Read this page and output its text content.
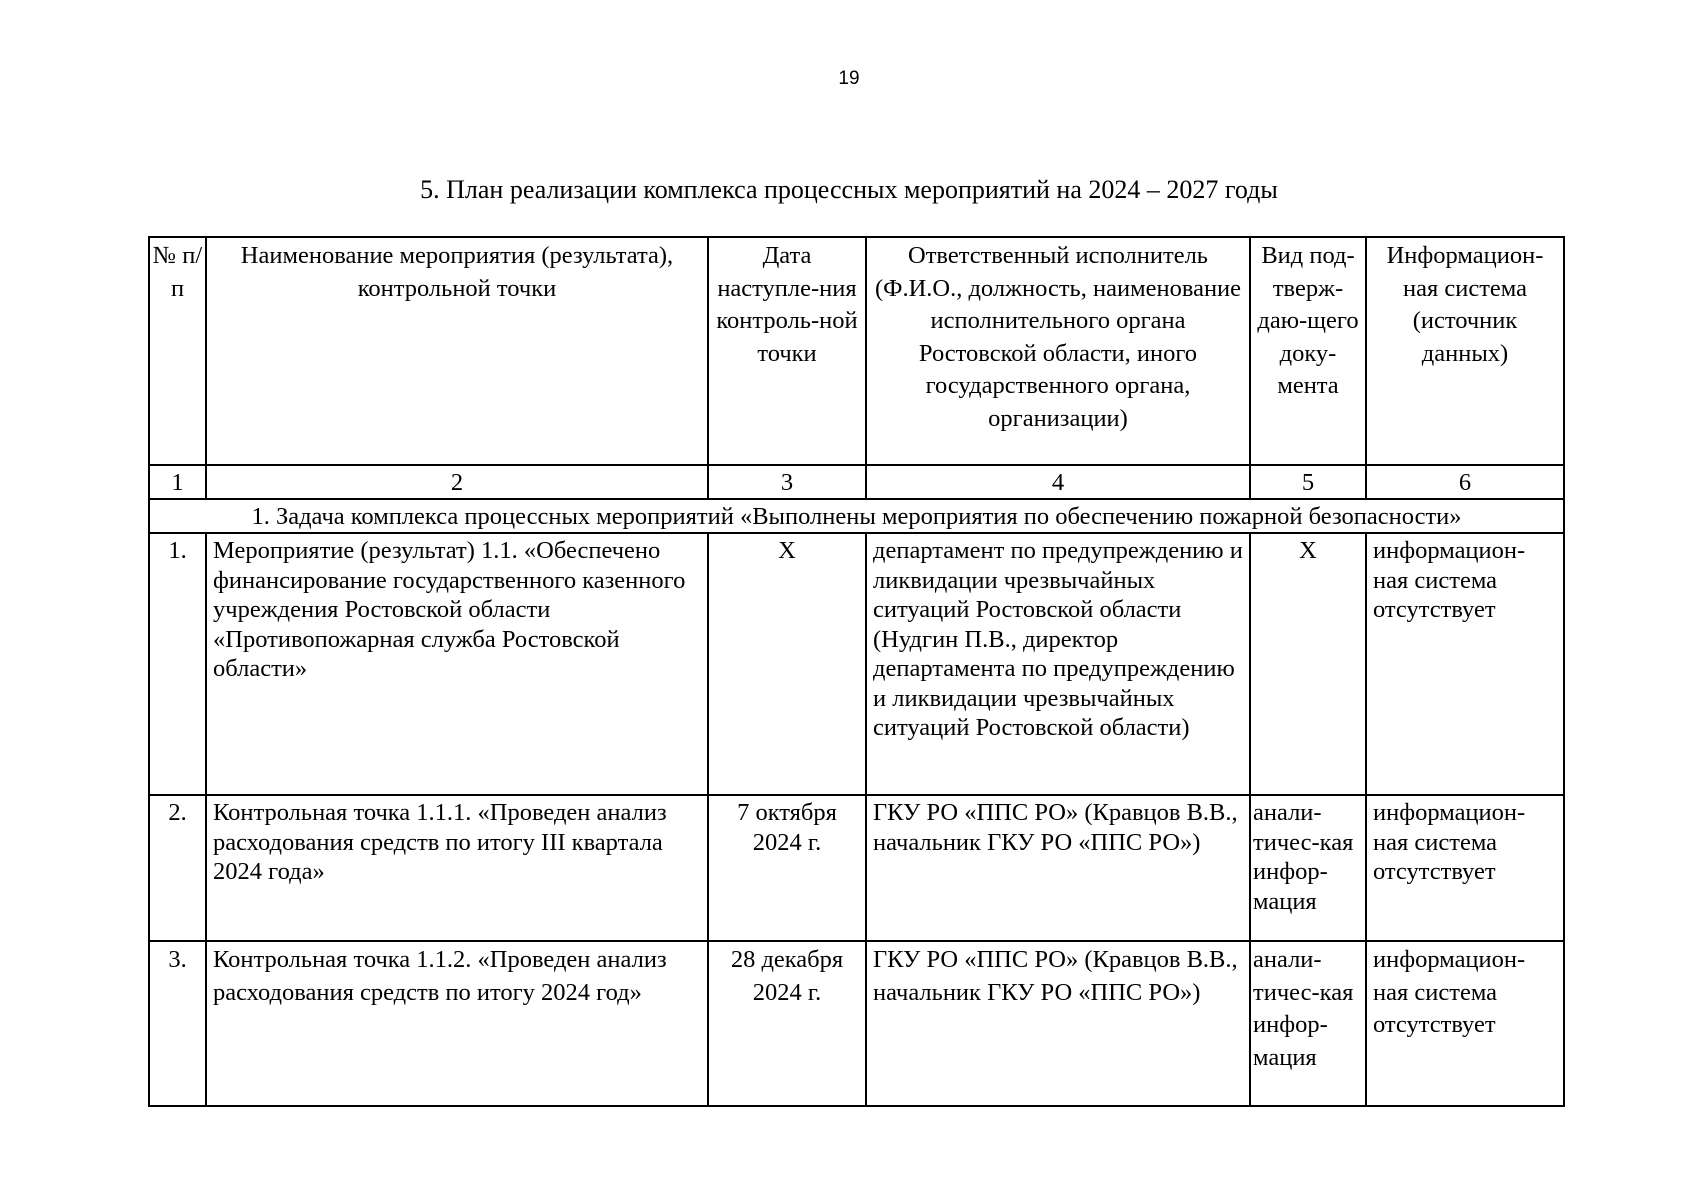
19
5. План реализации комплекса процессных мероприятий на 2024 – 2027 годы
№ п/п	Наименование мероприятия (результата), контрольной точки	Дата наступле-ния контроль-ной точки	Ответственный исполнитель (Ф.И.О., должность, наименование исполнительного органа Ростовской области, иного государственного органа, организации)	Вид под-тверж-даю-щего доку-мента	Информацион-ная система (источник данных)
1	2	3	4	5	6
1. Задача комплекса процессных мероприятий «Выполнены мероприятия по обеспечению пожарной безопасности»					
1.	Мероприятие (результат) 1.1. «Обеспечено финансирование государственного казенного учреждения Ростовской области «Противопожарная служба Ростовской области»	X	департамент по предупреждению и ликвидации чрезвычайных ситуаций Ростовской области (Нудгин П.В., директор департамента по предупреждению и ликвидации чрезвычайных ситуаций Ростовской области)	X	информацион-ная система отсутствует
2.	Контрольная точка 1.1.1. «Проведен анализ расходования средств по итогу III квартала 2024 года»	7 октября 2024 г.	ГКУ РО «ППС РО» (Кравцов В.В., начальник ГКУ РО «ППС РО»)	анали-тичес-кая инфор-мация	информацион-ная система отсутствует
3.	Контрольная точка 1.1.2. «Проведен анализ расходования средств по итогу 2024 год»	28 декабря 2024 г.	ГКУ РО «ППС РО» (Кравцов В.В., начальник ГКУ РО «ППС РО»)	анали-тичес-кая инфор-мация	информацион-ная система отсутствует
